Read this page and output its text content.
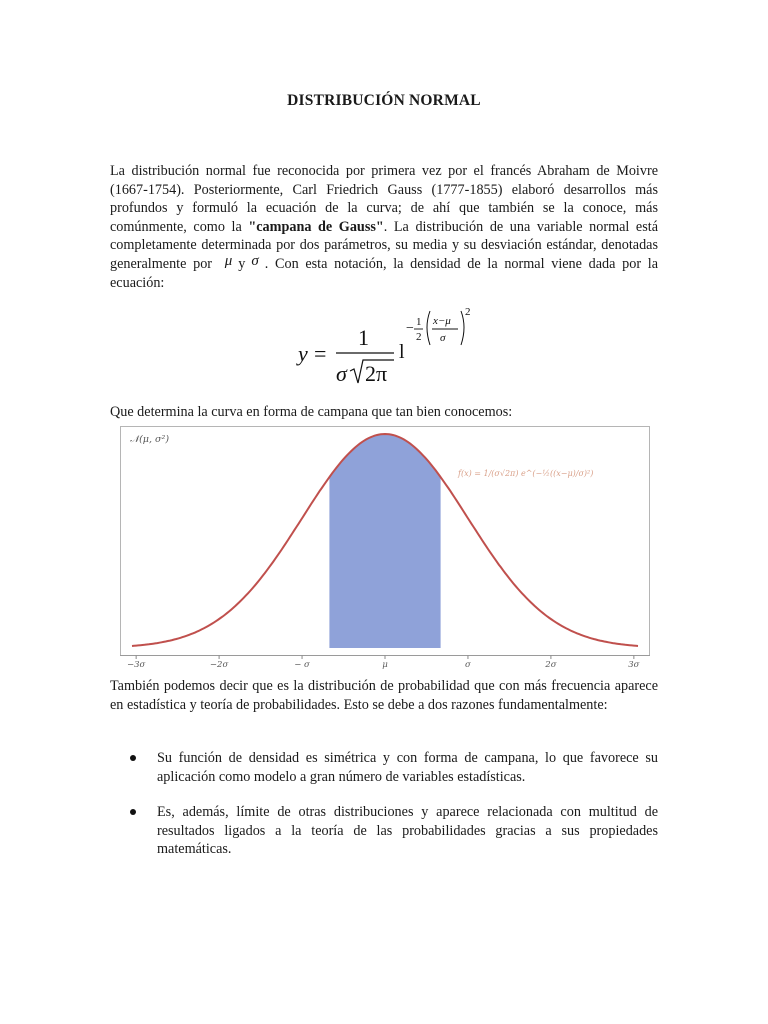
DISTRIBUCIÓN NORMAL
La distribución normal fue reconocida por primera vez por el francés Abraham de Moivre (1667-1754). Posteriormente, Carl Friedrich Gauss (1777-1855) elaboró desarrollos más profundos y formuló la ecuación de la curva; de ahí que también se la conoce, más comúnmente, como la "campana de Gauss". La distribución de una variable normal está completamente determinada por dos parámetros, su media y su desviación estándar, denotadas generalmente por μ y σ . Con esta notación, la densidad de la normal viene dada por la ecuación:
y =
1
σ 2π
l
− 1
2
x−μ
σ
2
Que determina la curva en forma de campana que tan bien conocemos:
−3σ	−2σ	− σ	μ	σ	2σ	3σ
𝒩(μ, σ²)
f(x) = 1/(σ√2π) e^(−½((x−μ)/σ)²)
También podemos decir que es la distribución de probabilidad que con más frecuencia aparece en estadística y teoría de probabilidades. Esto se debe a dos razones fundamentalmente:
Su función de densidad es simétrica y con forma de campana, lo que favorece su aplicación como modelo a gran número de variables estadísticas.
Es, además, límite de otras distribuciones y aparece relacionada con multitud de resultados ligados a la teoría de las probabilidades gracias a sus propiedades matemáticas.
